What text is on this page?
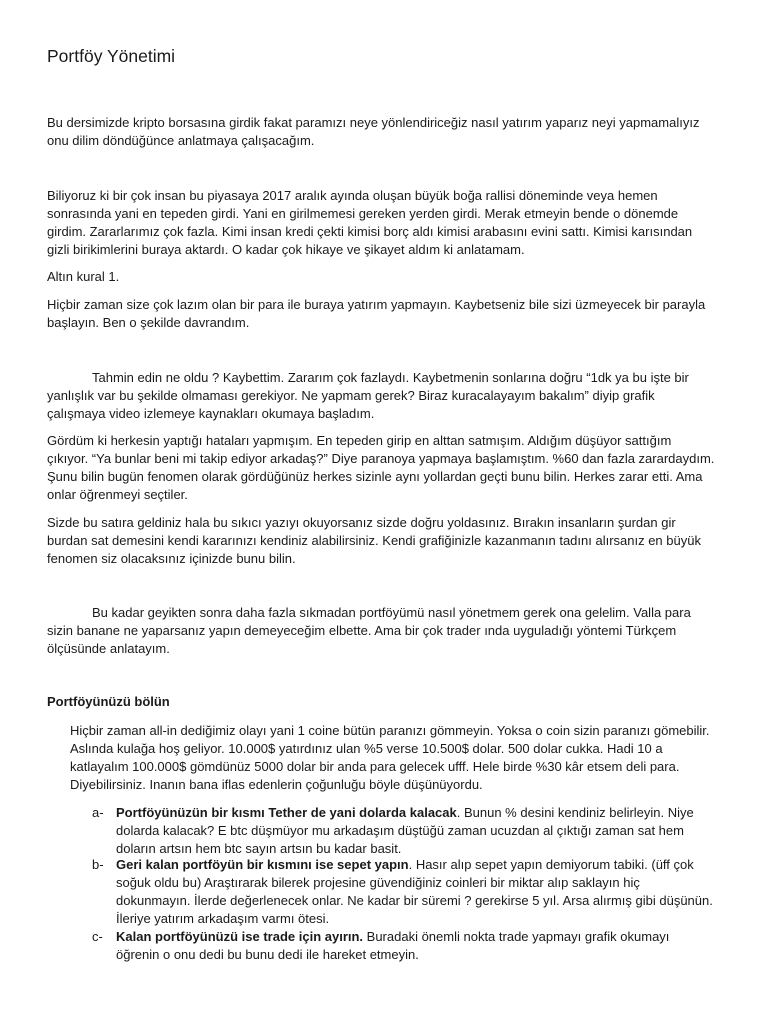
Portföy Yönetimi

Bu dersimizde kripto borsasına girdik fakat paramızı neye yönlendiriceğiz nasıl yatırım yaparız neyi yapmamalıyız onu dilim döndüğünce anlatmaya çalışacağım.

Biliyoruz ki bir çok insan bu piyasaya 2017 aralık ayında oluşan büyük boğa rallisi döneminde veya hemen sonrasında yani en tepeden girdi. Yani en girilmemesi gereken yerden girdi. Merak etmeyin bende o dönemde girdim. Zararlarımız çok fazla. Kimi insan kredi çekti kimisi borç aldı kimisi arabasını evini sattı. Kimisi karısından gizli birikimlerini buraya aktardı. O kadar çok hikaye ve şikayet aldım ki anlatamam.

Altın kural 1.

Hiçbir zaman size çok lazım olan bir para ile buraya yatırım yapmayın. Kaybetseniz bile sizi üzmeyecek bir parayla başlayın. Ben o şekilde davrandım.

Tahmin edin ne oldu ? Kaybettim. Zararım çok fazlaydı. Kaybetmenin sonlarına doğru “1dk ya bu işte bir yanlışlık var bu şekilde olmaması gerekiyor. Ne yapmam gerek? Biraz kuracalayayım bakalım” diyip grafik çalışmaya video izlemeye kaynakları okumaya başladım.

Gördüm ki herkesin yaptığı hataları yapmışım. En tepeden girip en alttan satmışım. Aldığım düşüyor sattığım çıkıyor. “Ya bunlar beni mi takip ediyor arkadaş?” Diye paranoya yapmaya başlamıştım. %60 dan fazla zarardaydım. Şunu bilin bugün fenomen olarak gördüğünüz herkes sizinle aynı yollardan geçti bunu bilin. Herkes zarar etti. Ama onlar öğrenmeyi seçtiler.

Sizde bu satıra geldiniz hala bu sıkıcı yazıyı okuyorsanız sizde doğru yoldasınız. Bırakın insanların şurdan gir burdan sat demesini kendi kararınızı kendiniz alabilirsiniz. Kendi grafiğinizle kazanmanın tadını alırsanız en büyük fenomen siz olacaksınız içinizde bunu bilin.

Bu kadar geyikten sonra daha fazla sıkmadan portföyümü nasıl yönetmem gerek ona gelelim. Valla para sizin banane ne yaparsanız yapın demeyeceğim elbette. Ama bir çok trader ında uyguladığı yöntemi Türkçem ölçüsünde anlatayım.

Portföyünüzü bölün

Hiçbir zaman all-in dediğimiz olayı yani 1 coine bütün paranızı gömmeyin. Yoksa o coin sizin paranızı gömebilir. Aslında kulağa hoş geliyor. 10.000$ yatırdınız ulan %5 verse 10.500$ dolar. 500 dolar cukka. Hadi 10 a katlayalım 100.000$ gömdünüz 5000 dolar bir anda para gelecek ufff. Hele birde %30 kâr etsem deli para. Diyebilirsiniz. Inanın bana iflas edenlerin çoğunluğu böyle düşünüyordu.

a- Portföyünüzün bir kısmı Tether de yani dolarda kalacak. Bunun % desini kendiniz belirleyin. Niye dolarda kalacak? E btc düşmüyor mu arkadaşım düştüğü zaman ucuzdan al çıktığı zaman sat hem doların artsın hem btc sayın artsın bu kadar basit.
b- Geri kalan portföyün bir kısmını ise sepet yapın. Hasır alıp sepet yapın demiyorum tabiki. (üff çok soğuk oldu bu) Araştırarak bilerek projesine güvendiğiniz coinleri bir miktar alıp saklayın hiç dokunmayın. İlerde değerlenecek onlar. Ne kadar bir süremi ? gerekirse 5 yıl. Arsa alırmış gibi düşünün. İleriye yatırım arkadaşım varmı ötesi.
c-	Kalan portföyünüzü ise trade için ayırın. Buradaki önemli nokta trade yapmayı grafik okumayı öğrenin o onu dedi bu bunu dedi ile hareket etmeyin.
